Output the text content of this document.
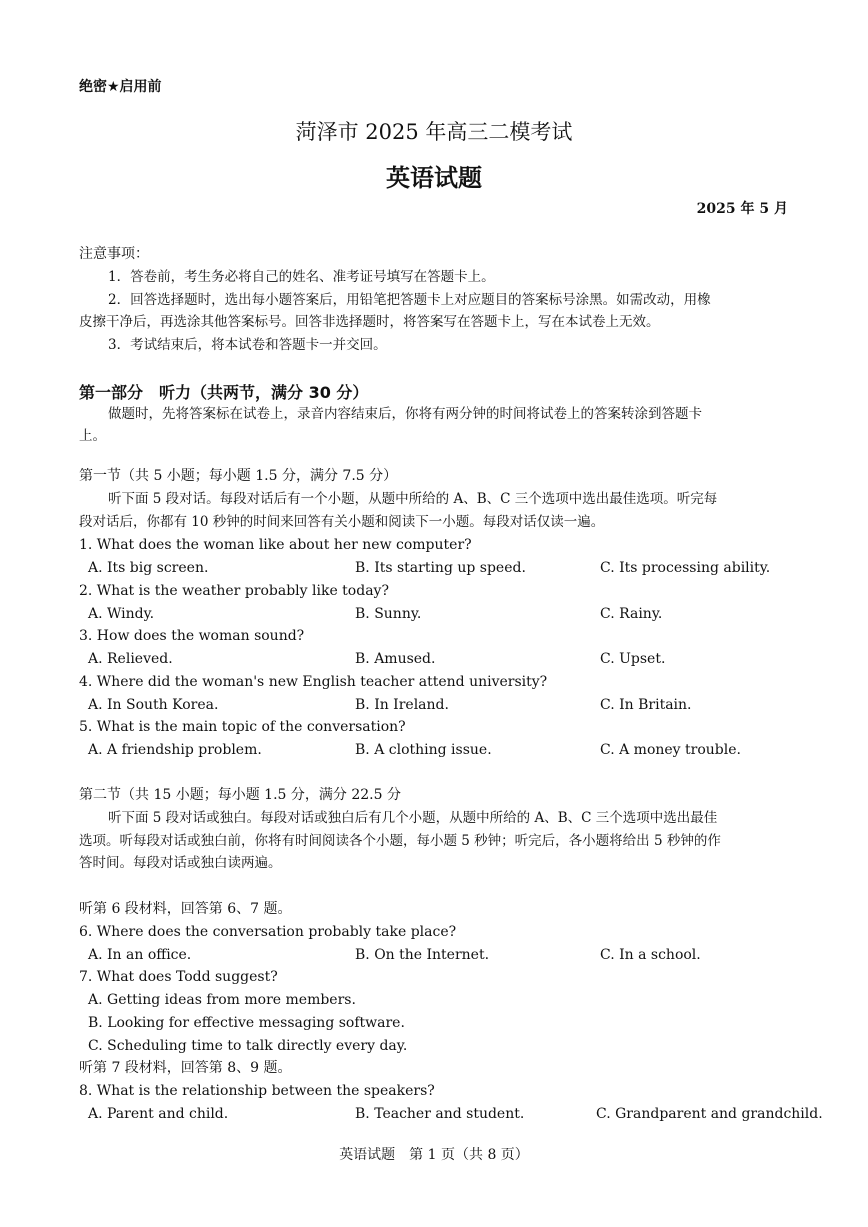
绝密★启用前
菏泽市 2025 年高三二模考试
英语试题
2025 年 5 月
注意事项：
1．答卷前，考生务必将自己的姓名、准考证号填写在答题卡上。
2．回答选择题时，选出每小题答案后，用铅笔把答题卡上对应题目的答案标号涂黑。如需改动，用橡
皮擦干净后，再选涂其他答案标号。回答非选择题时，将答案写在答题卡上，写在本试卷上无效。
3．考试结束后，将本试卷和答题卡一并交回。
第一部分　听力（共两节，满分 30 分）
做题时，先将答案标在试卷上，录音内容结束后，你将有两分钟的时间将试卷上的答案转涂到答题卡
上。
第一节（共 5 小题；每小题 1.5 分，满分 7.5 分）
听下面 5 段对话。每段对话后有一个小题，从题中所给的 A、B、C 三个选项中选出最佳选项。听完每
段对话后，你都有 10 秒钟的时间来回答有关小题和阅读下一小题。每段对话仅读一遍。
1. What does the woman like about her new computer?
A. Its big screen.	B. Its starting up speed.	C. Its processing ability.
2. What is the weather probably like today?
A. Windy.	B. Sunny.	C. Rainy.
3. How does the woman sound?
A. Relieved.	B. Amused.	C. Upset.
4. Where did the woman's new English teacher attend university?
A. In South Korea.	B. In Ireland.	C. In Britain.
5. What is the main topic of the conversation?
A. A friendship problem.	B. A clothing issue.	C. A money trouble.
第二节（共 15 小题；每小题 1.5 分，满分 22.5 分
听下面 5 段对话或独白。每段对话或独白后有几个小题，从题中所给的 A、B、C 三个选项中选出最佳
选项。听每段对话或独白前，你将有时间阅读各个小题，每小题 5 秒钟；听完后，各小题将给出 5 秒钟的作
答时间。每段对话或独白读两遍。
听第 6 段材料，回答第 6、7 题。
6. Where does the conversation probably take place?
A. In an office.	B. On the Internet.	C. In a school.
7. What does Todd suggest?
A. Getting ideas from more members.
B. Looking for effective messaging software.
C. Scheduling time to talk directly every day.
听第 7 段材料，回答第 8、9 题。
8. What is the relationship between the speakers?
A. Parent and child.	B. Teacher and student.	C. Grandparent and grandchild.
英语试题　第 1 页（共 8 页）
